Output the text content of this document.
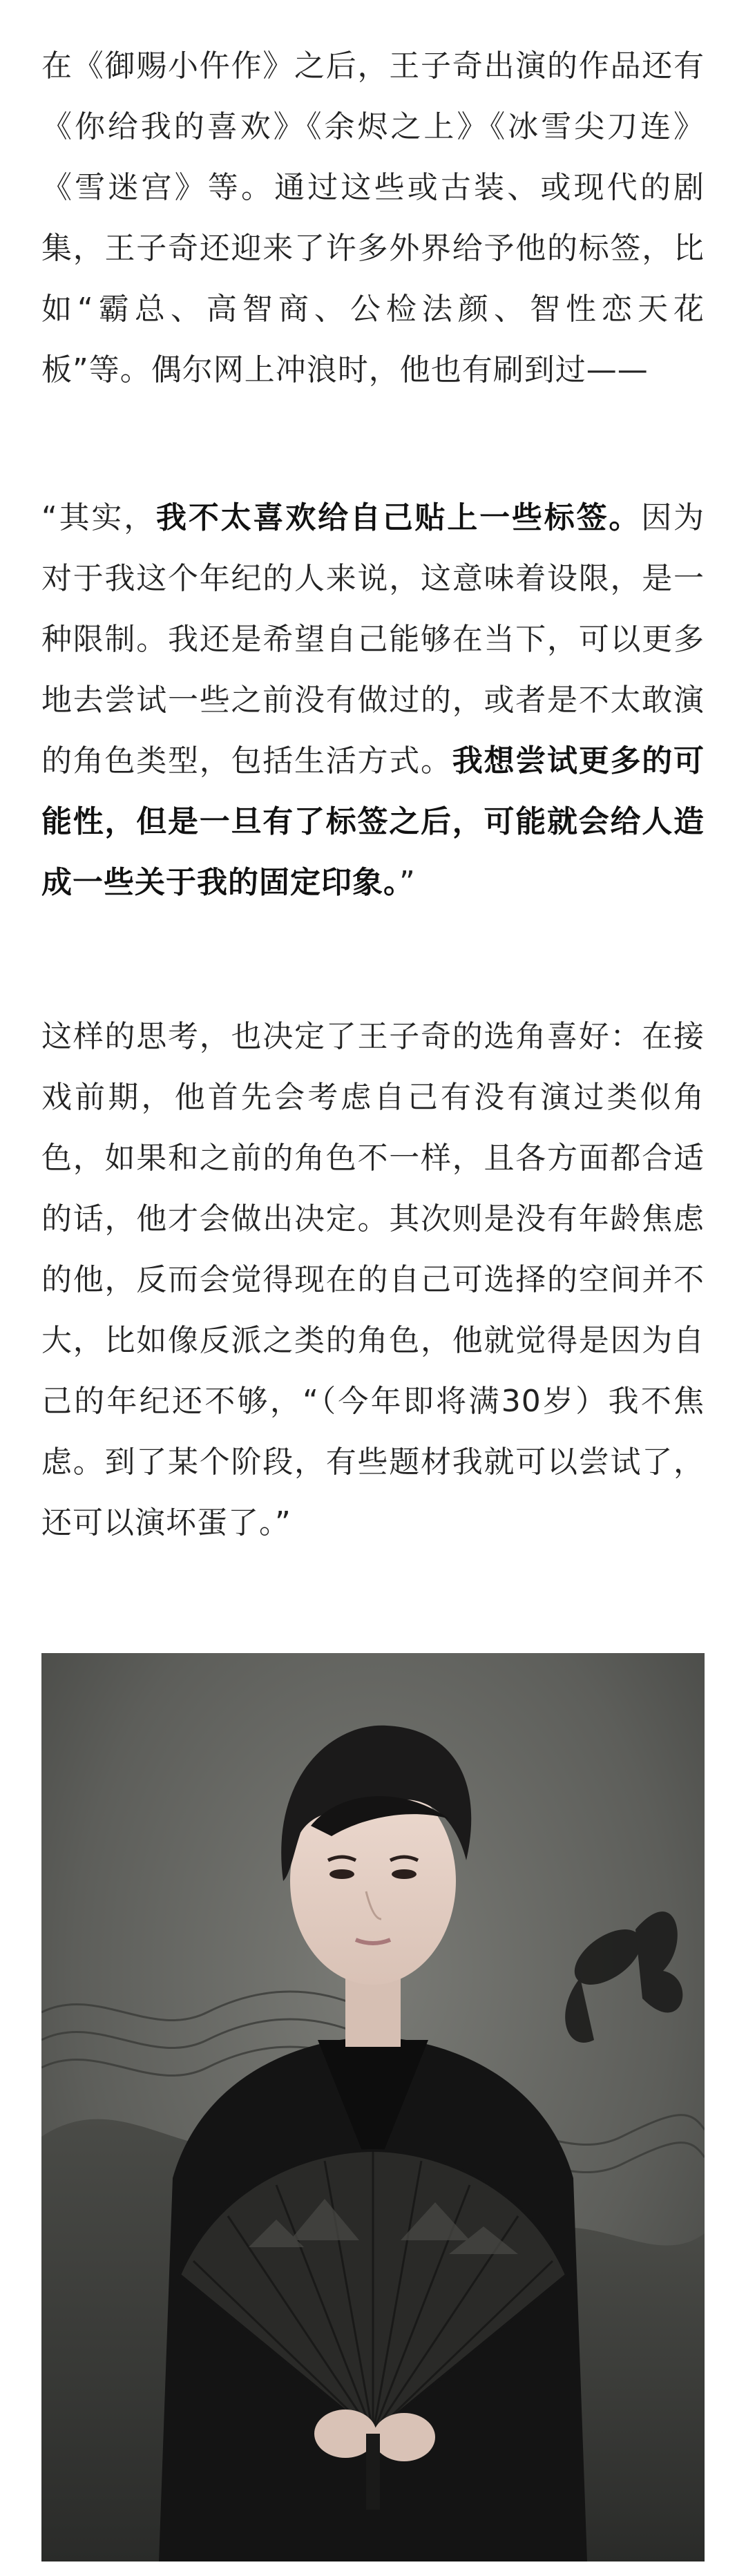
在《御赐小仵作》之后，王子奇出演的作品还有《你给我的喜欢》《余烬之上》《冰雪尖刀连》《雪迷宫》等。通过这些或古装、或现代的剧集，王子奇还迎来了许多外界给予他的标签，比如“霸总、高智商、公检法颜、智性恋天花板”等。偶尔网上冲浪时，他也有刷到过——

“其实，我不太喜欢给自己贴上一些标签。因为对于我这个年纪的人来说，这意味着设限，是一种限制。我还是希望自己能够在当下，可以更多地去尝试一些之前没有做过的，或者是不太敢演的角色类型，包括生活方式。我想尝试更多的可能性，但是一旦有了标签之后，可能就会给人造成一些关于我的固定印象。”

这样的思考，也决定了王子奇的选角喜好：在接戏前期，他首先会考虑自己有没有演过类似角色，如果和之前的角色不一样，且各方面都合适的话，他才会做出决定。其次则是没有年龄焦虑的他，反而会觉得现在的自己可选择的空间并不大，比如像反派之类的角色，他就觉得是因为自己的年纪还不够，“（今年即将满30岁）我不焦虑。到了某个阶段，有些题材我就可以尝试了，还可以演坏蛋了。”
